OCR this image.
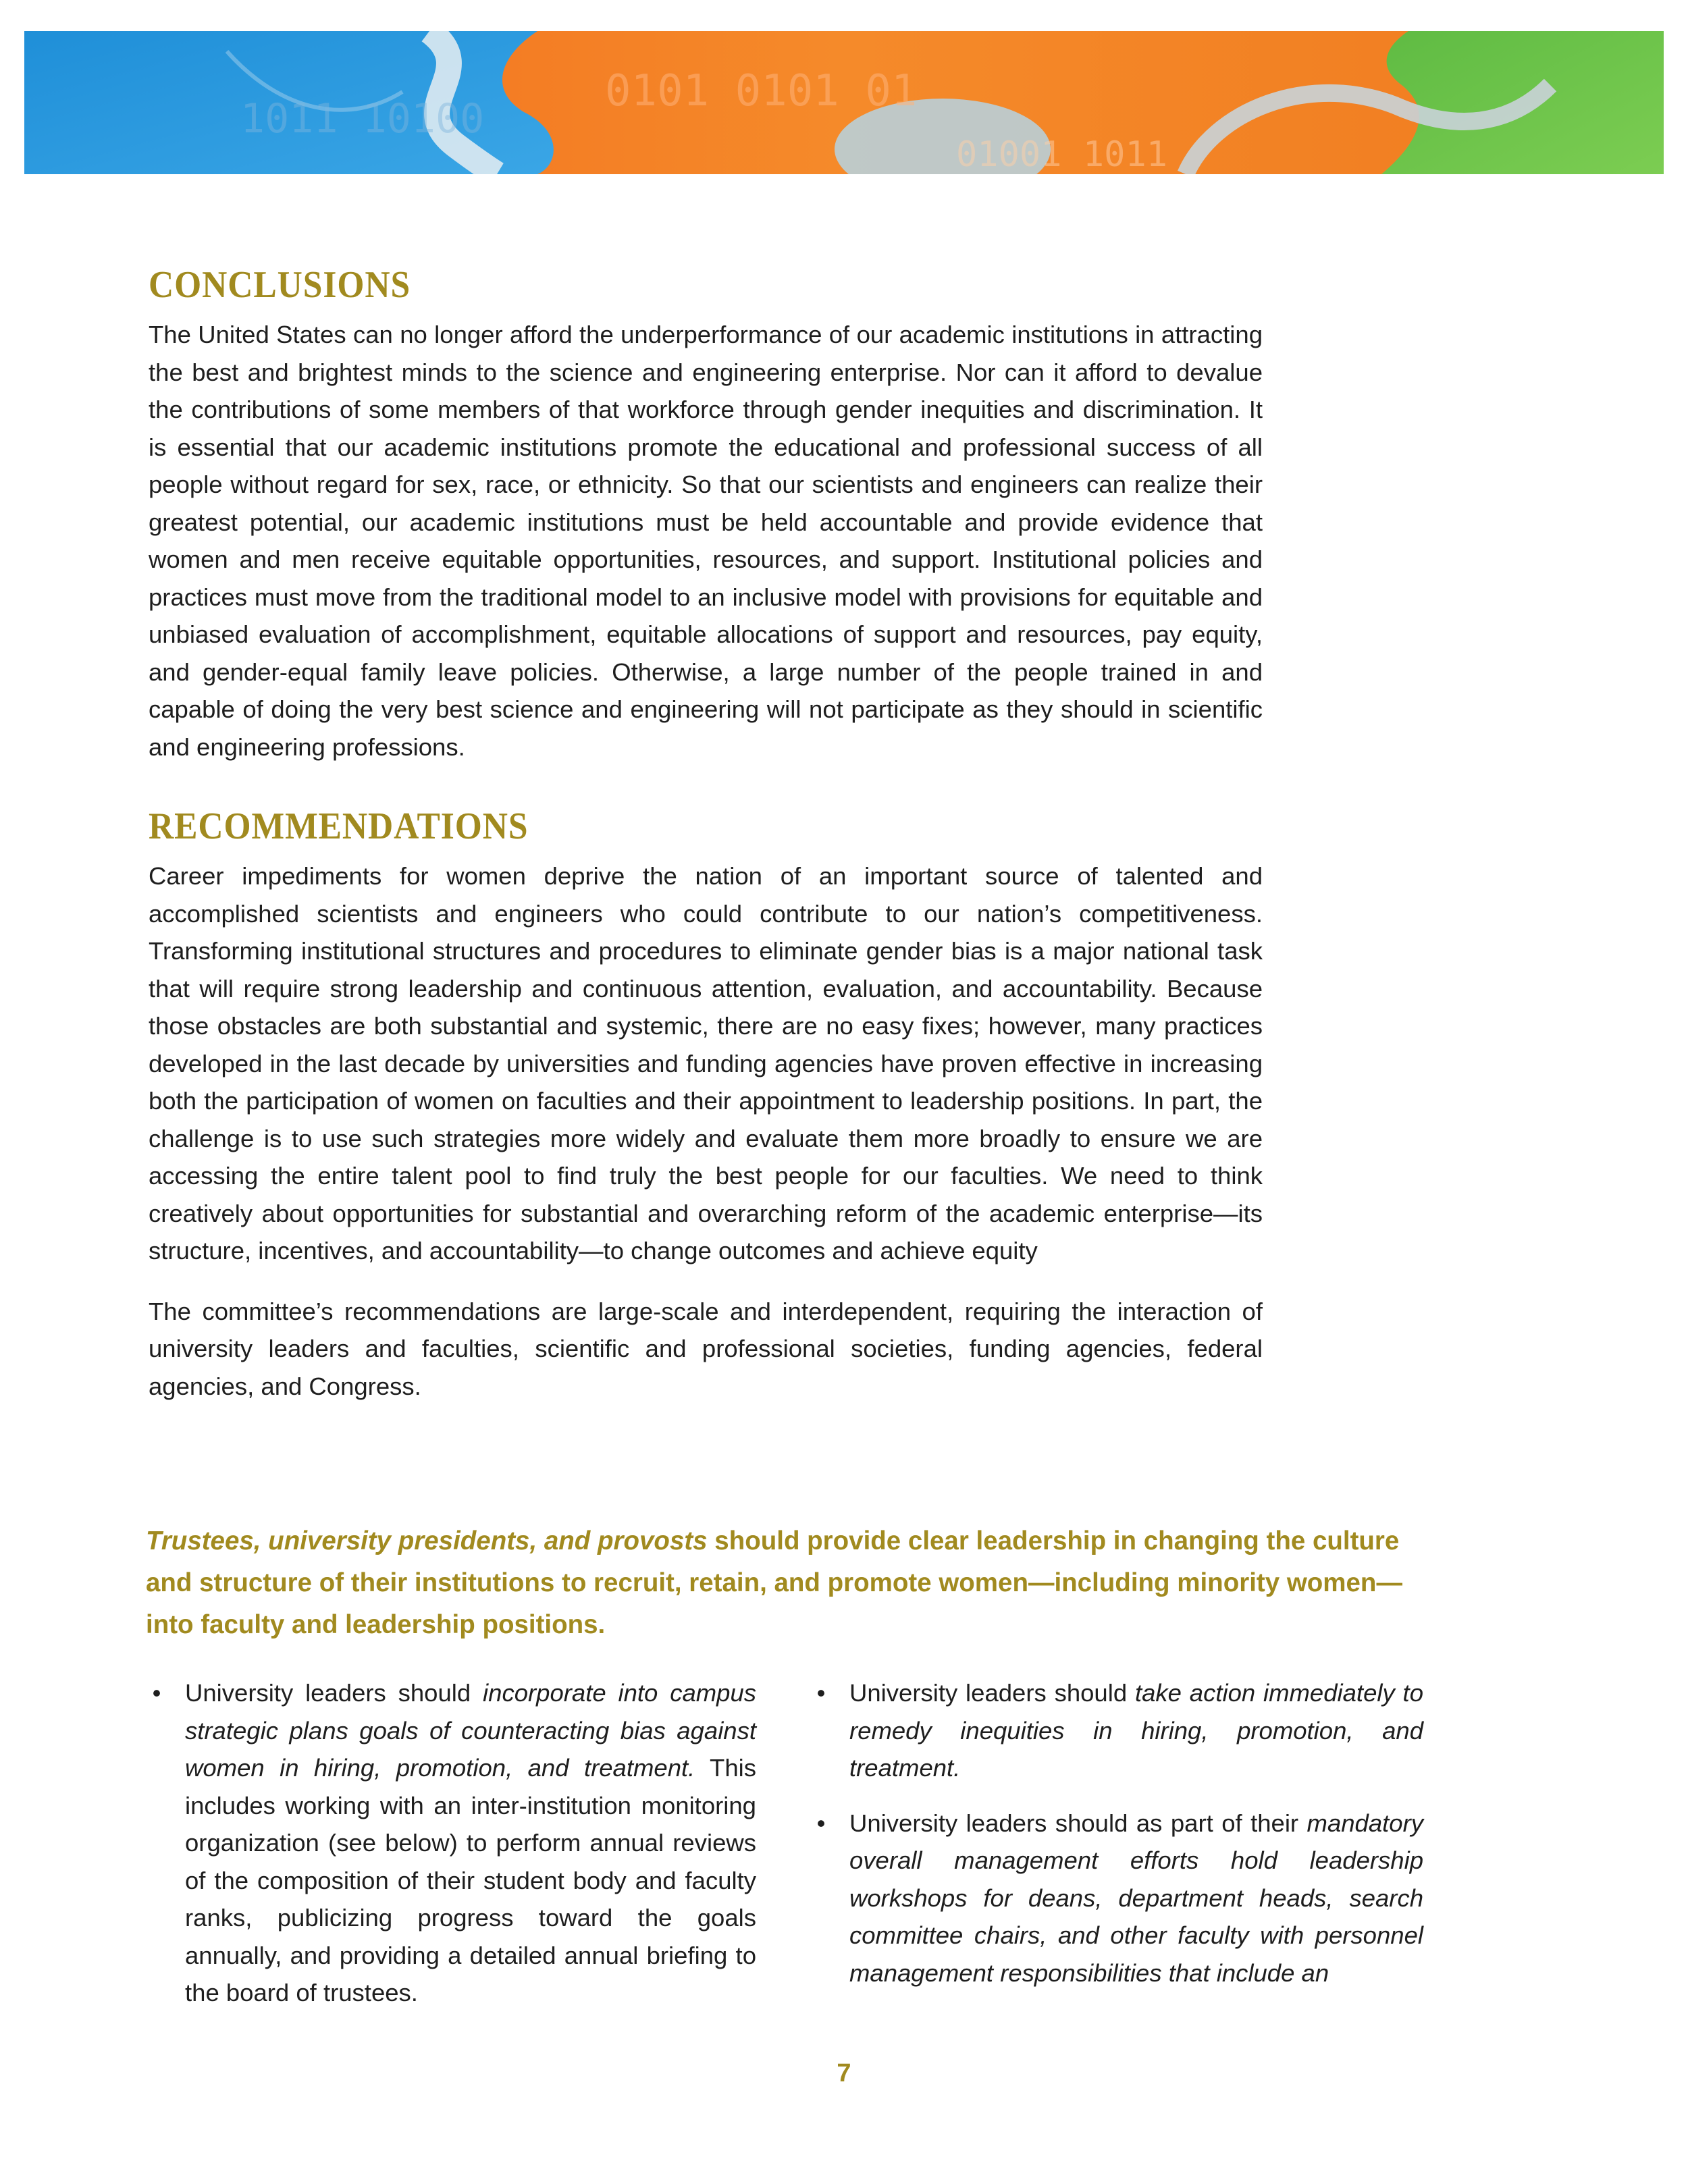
1011 10100
0101 0101 01
01001 1011
CONCLUSIONS

The United States can no longer afford the underperformance of our academic institutions in attracting the best and brightest minds to the science and engineering enterprise. Nor can it afford to devalue the contributions of some members of that workforce through gender inequities and discrimination. It is essential that our academic institutions promote the educational and professional success of all people without regard for sex, race, or ethnicity. So that our scientists and engineers can realize their greatest potential, our academic institutions must be held accountable and provide evidence that women and men receive equitable opportunities, resources, and support. Institutional policies and practices must move from the traditional model to an inclusive model with provisions for equitable and unbiased evaluation of accomplishment, equitable allocations of support and resources, pay equity, and gender-equal family leave policies. Otherwise, a large number of the people trained in and capable of doing the very best science and engineering will not participate as they should in scientific and engineering professions.

RECOMMENDATIONS

Career impediments for women deprive the nation of an important source of talented and accomplished scientists and engineers who could contribute to our nation’s competitiveness. Transforming institutional structures and procedures to eliminate gender bias is a major national task that will require strong leadership and continuous attention, evaluation, and accountability. Because those obstacles are both substantial and systemic, there are no easy fixes; however, many practices developed in the last decade by universities and funding agencies have proven effective in increasing both the participation of women on faculties and their appointment to leadership positions. In part, the challenge is to use such strategies more widely and evaluate them more broadly to ensure we are accessing the entire talent pool to find truly the best people for our faculties. We need to think creatively about opportunities for substantial and overarching reform of the academic enterprise—its structure, incentives, and accountability—to change outcomes and achieve equity

The committee’s recommendations are large-scale and interdependent, requiring the interaction of university leaders and faculties, scientific and professional societies, funding agencies, federal agencies, and Congress.

Trustees, university presidents, and provosts should provide clear leadership in changing the culture and structure of their institutions to recruit, retain, and promote women—including minority women—into faculty and leadership positions.

• University leaders should incorporate into campus strategic plans goals of counteracting bias against women in hiring, promotion, and treatment. This includes working with an inter-institution monitoring organization (see below) to perform annual reviews of the composition of their student body and faculty ranks, publicizing progress toward the goals annually, and providing a detailed annual briefing to the board of trustees.
• University leaders should take action immediately to remedy inequities in hiring, promotion, and treatment.
• University leaders should as part of their mandatory overall management efforts hold leadership workshops for deans, department heads, search committee chairs, and other faculty with personnel management responsibilities that include an
7
